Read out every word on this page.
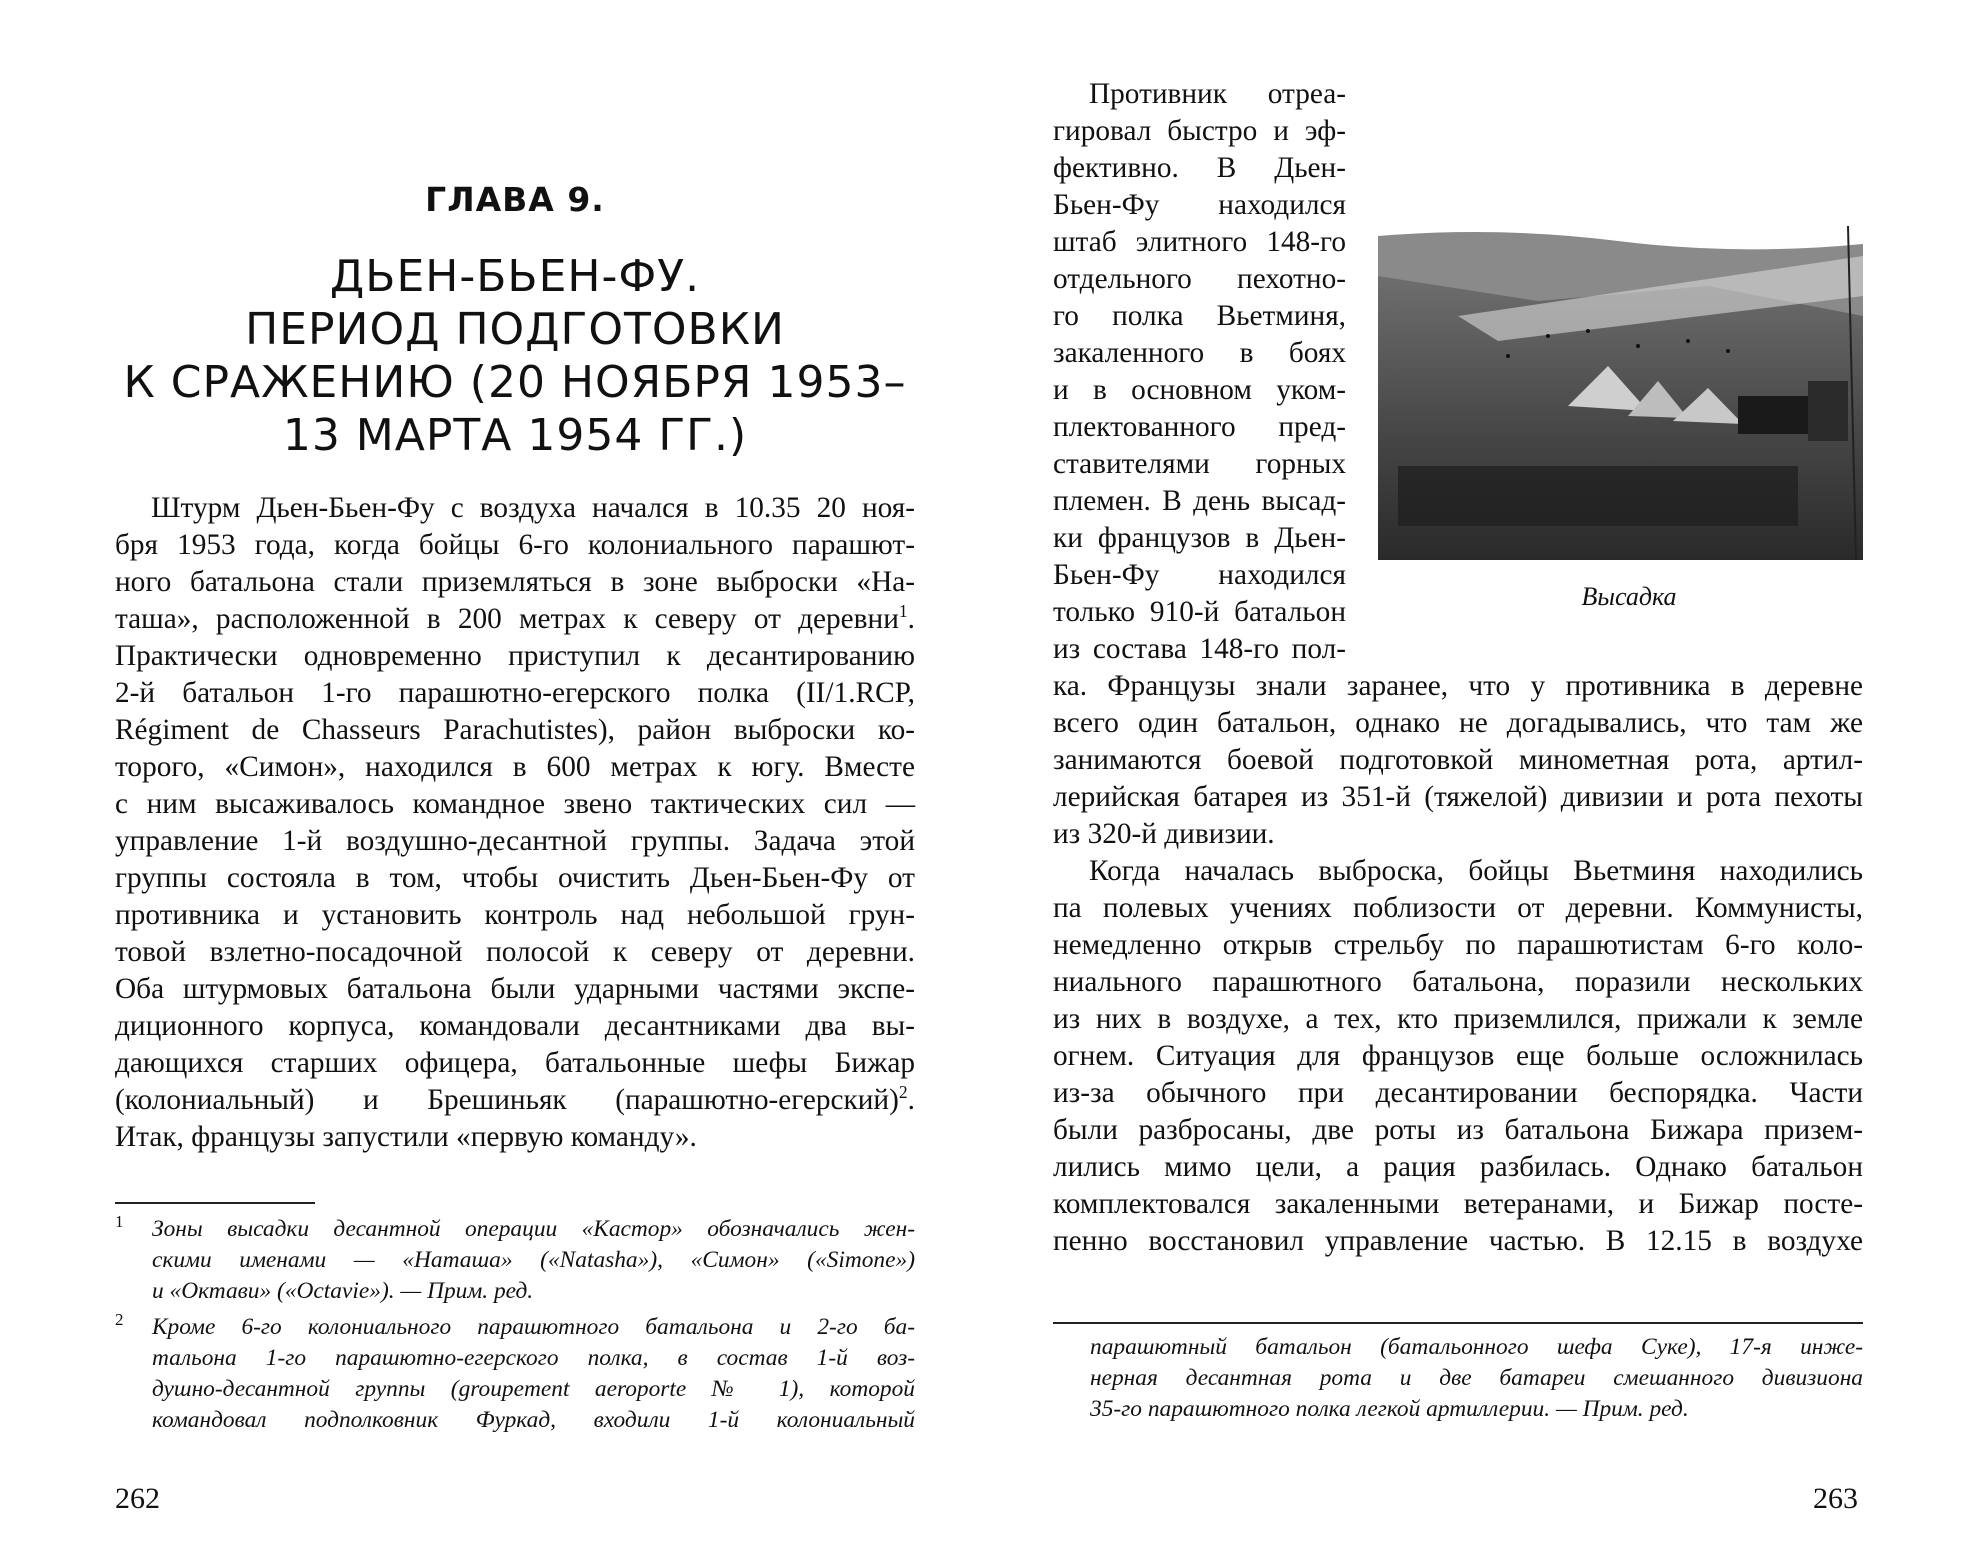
ГЛАВА 9.
ДЬЕН-БЬЕН-ФУ.
ПЕРИОД ПОДГОТОВКИ
К СРАЖЕНИЮ (20 НОЯБРЯ 1953–
13 МАРТА 1954 ГГ.)
Штурм Дьен-Бьен-Фу с воздуха начался в 10.35 20 ноя-
бря 1953 года, когда бойцы 6-го колониального парашют-
ного батальона стали приземляться в зоне выброски «На-
таша», расположенной в 200 метрах к северу от деревни$^1$.
Практически одновременно приступил к десантированию
2-й батальон 1-го парашютно-егерского полка (II/1.RCP,
Régiment de Chasseurs Parachutistes), район выброски ко-
торого, «Симон», находился в 600 метрах к югу. Вместе
с ним высаживалось командное звено тактических сил —
управление 1-й воздушно-десантной группы. Задача этой
группы состояла в том, чтобы очистить Дьен-Бьен-Фу от
противника и установить контроль над небольшой грун-
товой взлетно-посадочной полосой к северу от деревни.
Оба штурмовых батальона были ударными частями экспе-
диционного корпуса, командовали десантниками два вы-
дающихся старших офицера, батальонные шефы Бижар
(колониальный) и Брешиньяк (парашютно-егерский)$^2$.
Итак, французы запустили «первую команду».
1 Зоны высадки десантной операции «Кастор» обозначались жен-
скими именами — «Наташа» («Natasha»), «Симон» («Simone»)
и «Октави» («Octavie»). — Прим. ред.
2 Кроме 6-го колониального парашютного батальона и 2-го ба-
тальона 1-го парашютно-егерского полка, в состав 1-й воз-
душно-десантной группы (groupement aeroporte № 1), которой
командовал подполковник Фуркад, входили 1-й колониальный
262
Противник отреа-
гировал быстро и эф-
фективно. В Дьен-
Бьен-Фу находился
штаб элитного 148-го
отдельного пехотно-
го полка Вьетминя,
закаленного в боях
и в основном уком-
плектованного пред-
ставителями горных
племен. В день высад-
ки французов в Дьен-
Бьен-Фу находился
только 910-й батальон
из состава 148-го пол-
Высадка
ка. Французы знали заранее, что у противника в деревне
всего один батальон, однако не догадывались, что там же
занимаются боевой подготовкой минометная рота, артил-
лерийская батарея из 351-й (тяжелой) дивизии и рота пехоты
из 320-й дивизии.
Когда началась выброска, бойцы Вьетминя находились
па полевых учениях поблизости от деревни. Коммунисты,
немедленно открыв стрельбу по парашютистам 6-го коло-
ниального парашютного батальона, поразили нескольких
из них в воздухе, а тех, кто приземлился, прижали к земле
огнем. Ситуация для французов еще больше осложнилась
из-за обычного при десантировании беспорядка. Части
были разбросаны, две роты из батальона Бижара призем-
лились мимо цели, а рация разбилась. Однако батальон
комплектовался закаленными ветеранами, и Бижар посте-
пенно восстановил управление частью. В 12.15 в воздухе
парашютный батальон (батальонного шефа Суке), 17-я инже-
нерная десантная рота и две батареи смешанного дивизиона
35-го парашютного полка легкой артиллерии. — Прим. ред.
263
